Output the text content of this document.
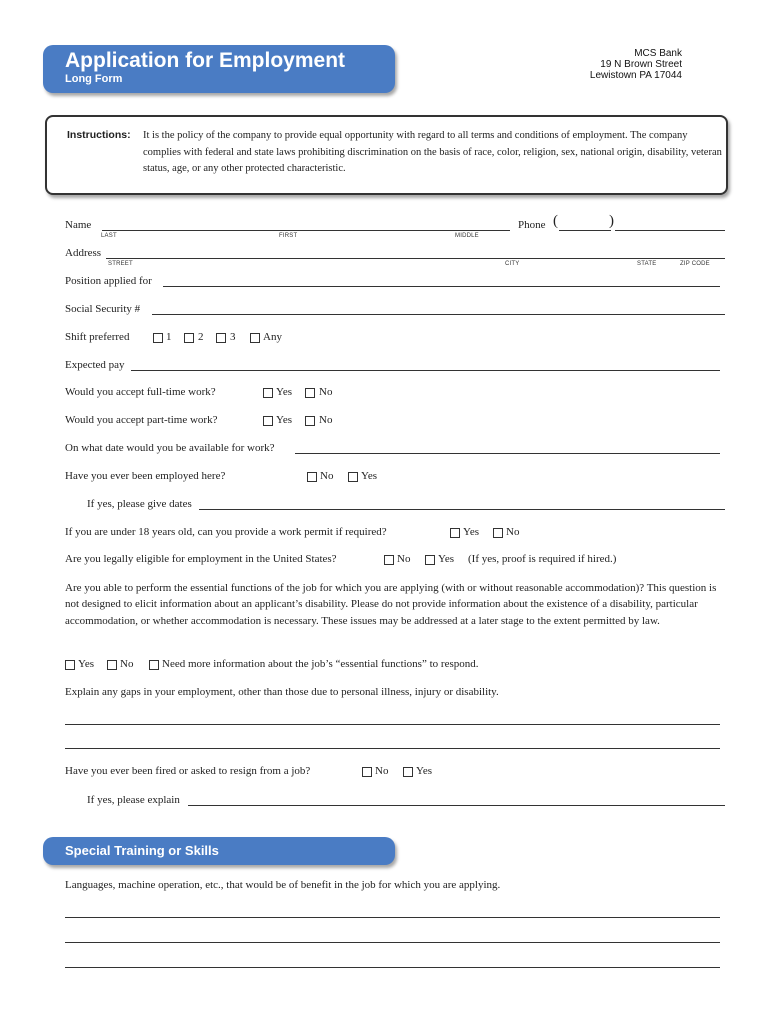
Application for Employment
Long Form
MCS Bank
19 N Brown Street
Lewistown PA 17044
Instructions: It is the policy of the company to provide equal opportunity with regard to all terms and conditions of employment. The company complies with federal and state laws prohibiting discrimination on the basis of race, color, religion, sex, national origin, disability, veteran status, age, or any other protected characteristic.
Name
LAST	FIRST	MIDDLE
Phone (	)
Address
STREET	CITY	STATE	ZIP CODE
Position applied for
Social Security #
Shift preferred	1 2 3	Any
Expected pay
Would you accept full-time work?	Yes No
Would you accept part-time work?	Yes No
On what date would you be available for work?
Have you ever been employed here?	No	Yes
If yes, please give dates
If you are under 18 years old, can you provide a work permit if required?	Yes No
Are you legally eligible for employment in the United States?	No	Yes (If yes, proof is required if hired.)
Are you able to perform the essential functions of the job for which you are applying (with or without reasonable accommodation)? This question is not designed to elicit information about an applicant’s disability. Please do not provide information about the existence of a disability, particular accommodation, or whether accommodation is necessary. These issues may be addressed at a later stage to the extent permitted by law.
Yes No	Need more information about the job’s “essential functions” to respond.
Explain any gaps in your employment, other than those due to personal illness, injury or disability.
Have you ever been fired or asked to resign from a job?	No	Yes
If yes, please explain
Special Training or Skills
Languages, machine operation, etc., that would be of benefit in the job for which you are applying.
